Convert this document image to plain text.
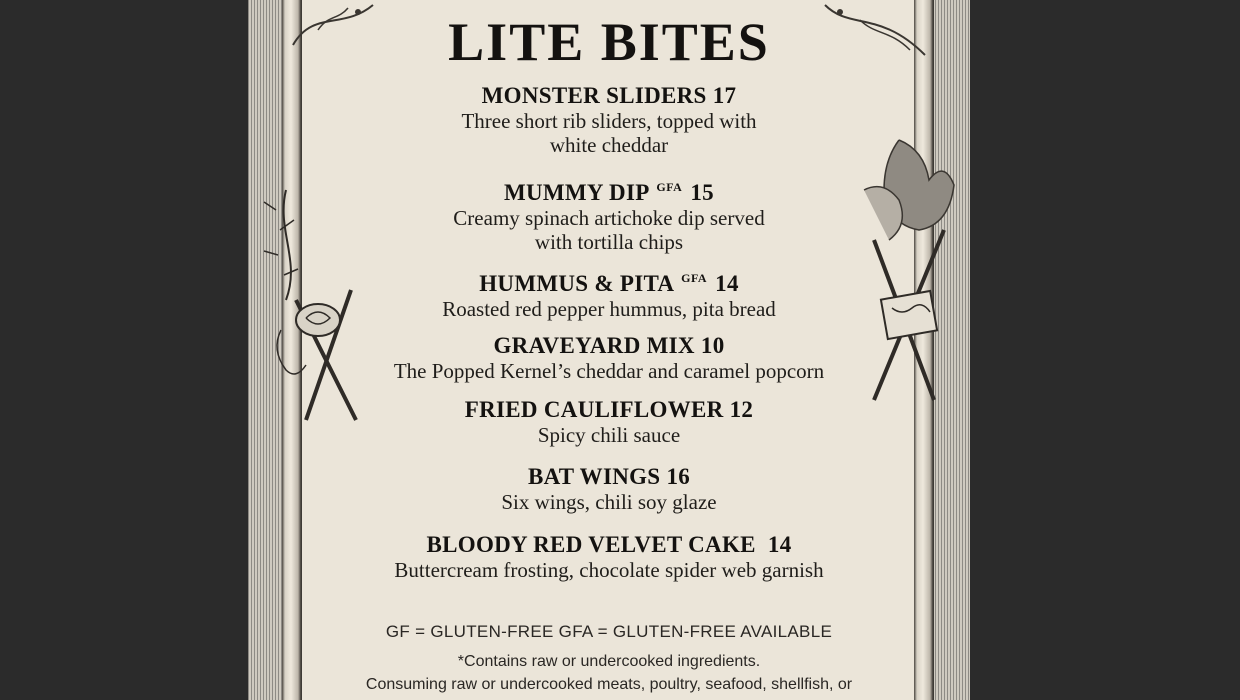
LITE BITES
MONSTER SLIDERS 17
Three short rib sliders, topped with
white cheddar
MUMMY DIP $^{GFA}$ 15
Creamy spinach artichoke dip served
with tortilla chips
HUMMUS & PITA $^{GFA}$ 14
Roasted red pepper hummus, pita bread
GRAVEYARD MIX 10
The Popped Kernel’s cheddar and caramel popcorn
FRIED CAULIFLOWER 12
Spicy chili sauce
BAT WINGS 16
Six wings, chili soy glaze
BLOODY RED VELVET CAKE 14
Buttercream frosting, chocolate spider web garnish
GF = GLUTEN-FREE GFA = GLUTEN-FREE AVAILABLE
*Contains raw or undercooked ingredients.
Consuming raw or undercooked meats, poultry, seafood, shellfish, or
